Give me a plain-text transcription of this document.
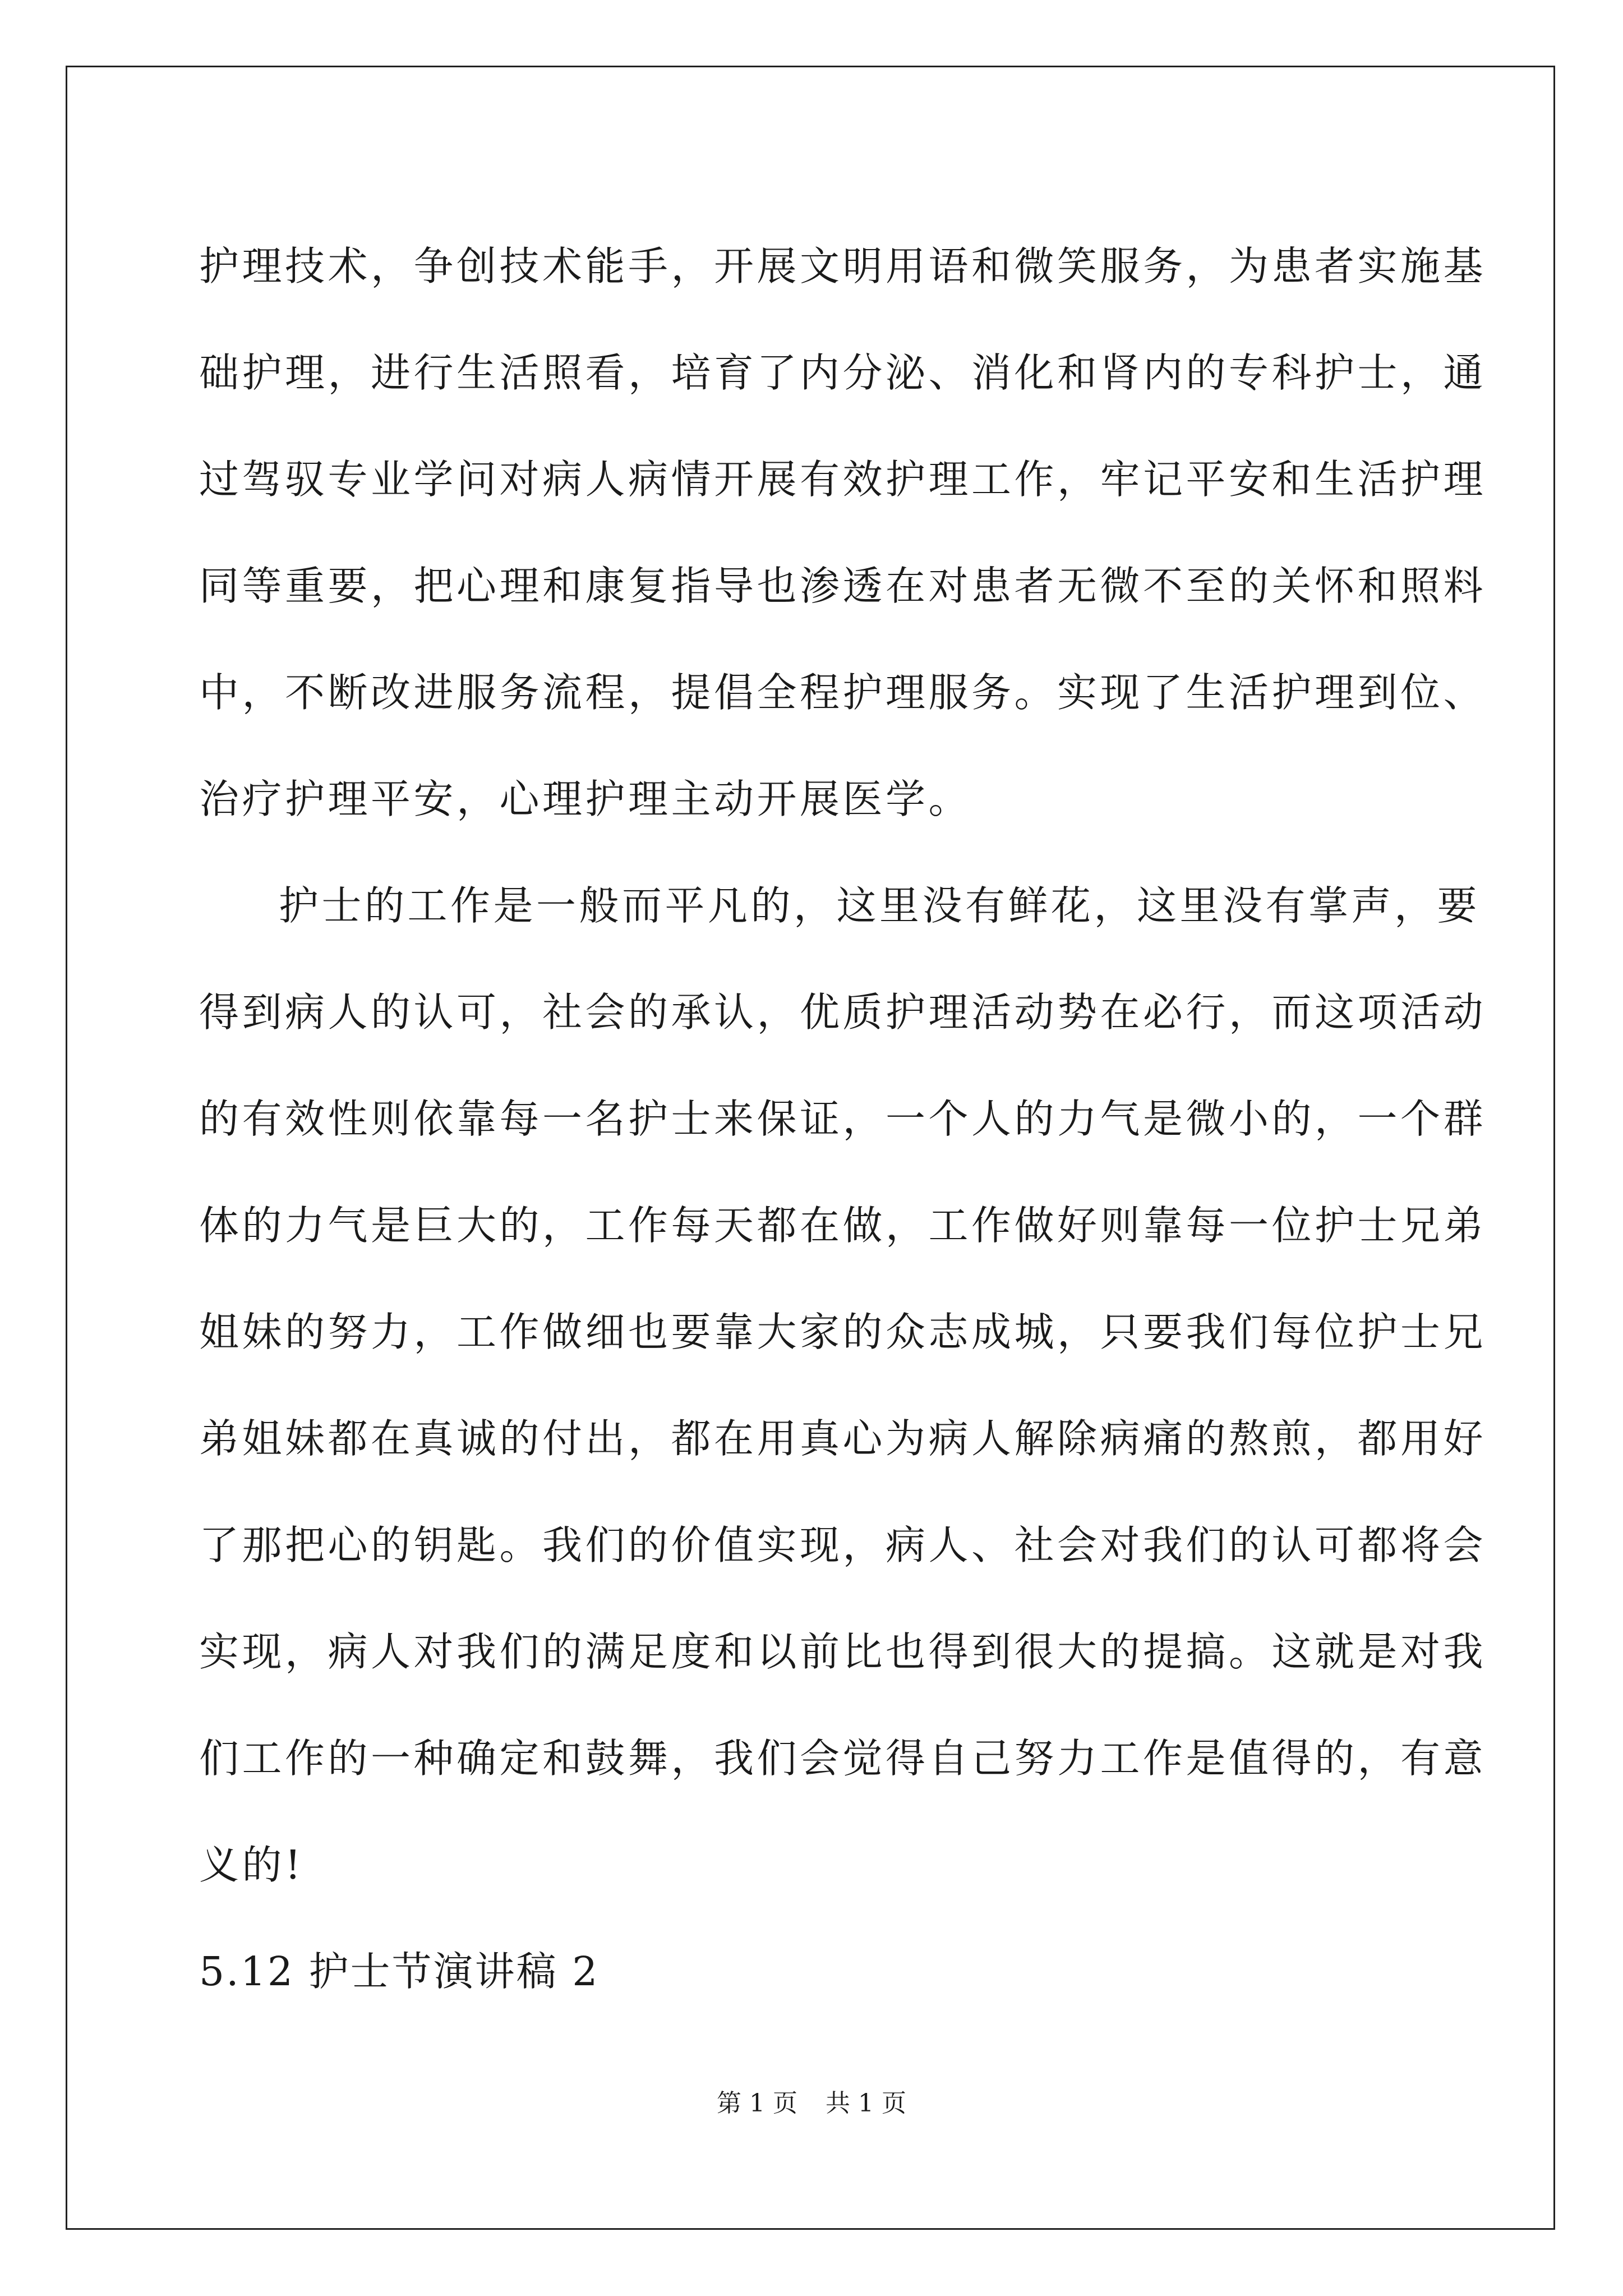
护理技术，争创技术能手，开展文明用语和微笑服务，为患者实施基
础护理，进行生活照看，培育了内分泌、消化和肾内的专科护士，通
过驾驭专业学问对病人病情开展有效护理工作，牢记平安和生活护理
同等重要，把心理和康复指导也渗透在对患者无微不至的关怀和照料
中，不断改进服务流程，提倡全程护理服务。实现了生活护理到位、
治疗护理平安，心理护理主动开展医学。
护士的工作是一般而平凡的，这里没有鲜花，这里没有掌声，要
得到病人的认可，社会的承认，优质护理活动势在必行，而这项活动
的有效性则依靠每一名护士来保证，一个人的力气是微小的，一个群
体的力气是巨大的，工作每天都在做，工作做好则靠每一位护士兄弟
姐妹的努力，工作做细也要靠大家的众志成城，只要我们每位护士兄
弟姐妹都在真诚的付出，都在用真心为病人解除病痛的熬煎，都用好
了那把心的钥匙。我们的价值实现，病人、社会对我们的认可都将会
实现，病人对我们的满足度和以前比也得到很大的提搞。这就是对我
们工作的一种确定和鼓舞，我们会觉得自己努力工作是值得的，有意
义的!
5.12 护士节演讲稿 2
第 1 页 共 1 页
